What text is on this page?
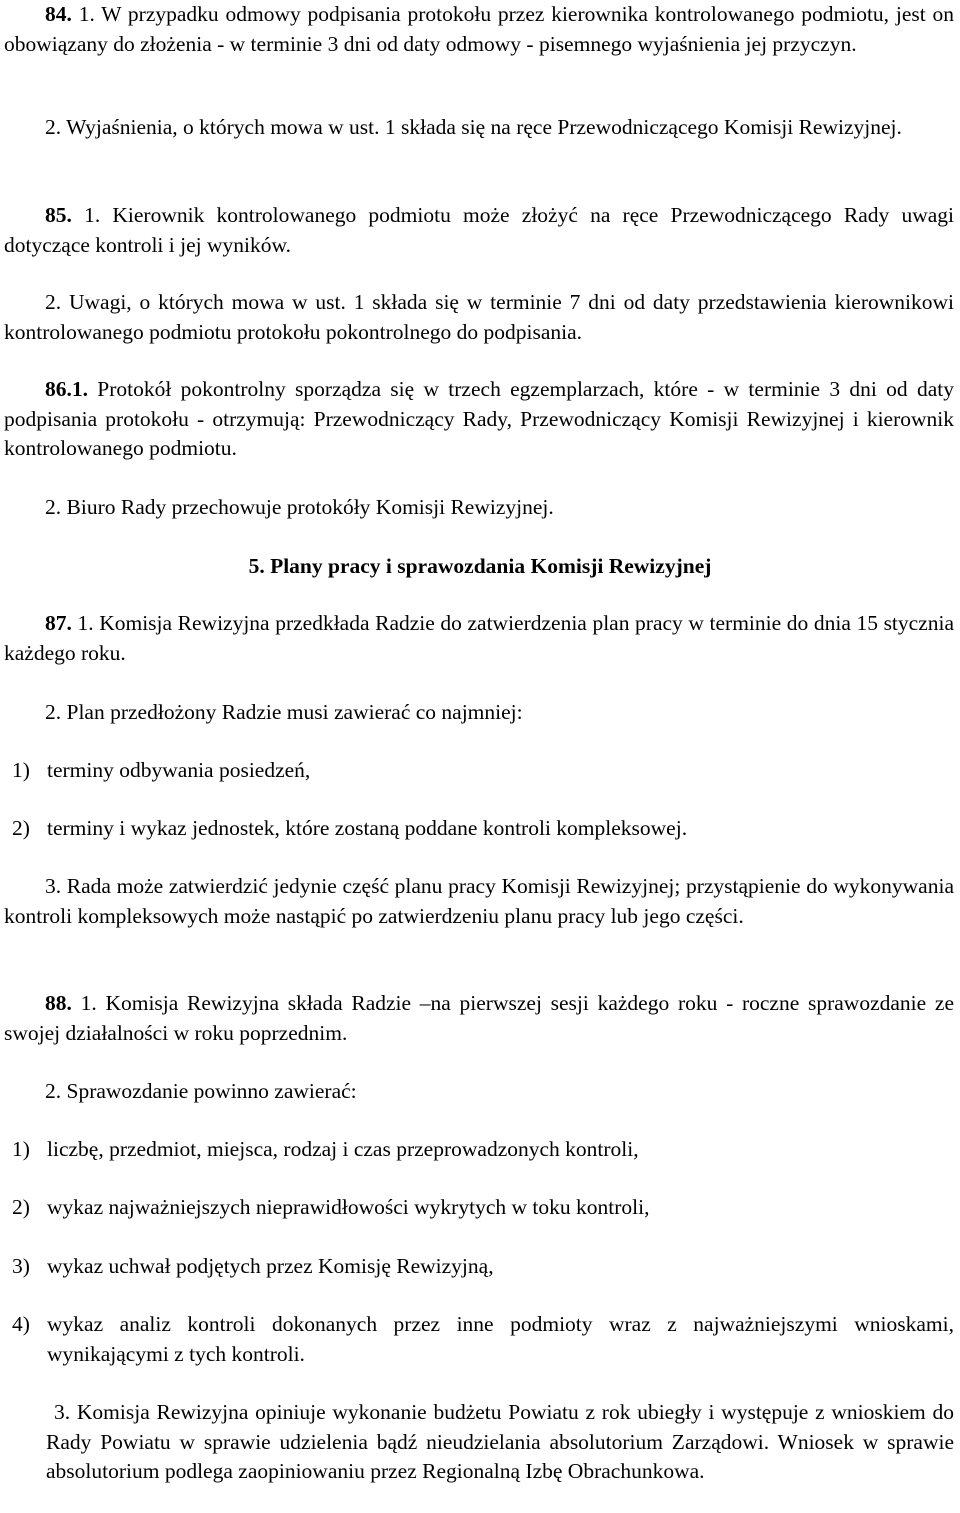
84. 1. W przypadku odmowy podpisania protokołu przez kierownika kontrolowanego podmiotu, jest on obowiązany do złożenia - w terminie 3 dni od daty odmowy - pisemnego wyjaśnienia jej przyczyn.

2. Wyjaśnienia, o których mowa w ust. 1 składa się na ręce Przewodniczącego Komisji Rewizyjnej.

85. 1. Kierownik kontrolowanego podmiotu może złożyć na ręce Przewodniczącego Rady uwagi dotyczące kontroli i jej wyników.

2. Uwagi, o których mowa w ust. 1 składa się w terminie 7 dni od daty przedstawienia kierownikowi kontrolowanego podmiotu protokołu pokontrolnego do podpisania.

86.1. Protokół pokontrolny sporządza się w trzech egzemplarzach, które - w terminie 3 dni od daty podpisania protokołu - otrzymują: Przewodniczący Rady, Przewodniczący Komisji Rewizyjnej i kierownik kontrolowanego podmiotu.

2. Biuro Rady przechowuje protokóły Komisji Rewizyjnej.

5. Plany pracy i sprawozdania Komisji Rewizyjnej

87. 1. Komisja Rewizyjna przedkłada Radzie do zatwierdzenia plan pracy w terminie do dnia 15 stycznia każdego roku.

2. Plan przedłożony Radzie musi zawierać co najmniej:

1) terminy odbywania posiedzeń,
2) terminy i wykaz jednostek, które zostaną poddane kontroli kompleksowej.

3. Rada może zatwierdzić jedynie część planu pracy Komisji Rewizyjnej; przystąpienie do wykonywania kontroli kompleksowych może nastąpić po zatwierdzeniu planu pracy lub jego części.

88. 1. Komisja Rewizyjna składa Radzie –na pierwszej sesji każdego roku - roczne sprawozdanie ze swojej działalności w roku poprzednim.

2. Sprawozdanie powinno zawierać:

1) liczbę, przedmiot, miejsca, rodzaj i czas przeprowadzonych kontroli,
2) wykaz najważniejszych nieprawidłowości wykrytych w toku kontroli,
3) wykaz uchwał podjętych przez Komisję Rewizyjną,
4) wykaz analiz kontroli dokonanych przez inne podmioty wraz z najważniejszymi wnioskami, wynikającymi z tych kontroli.

3. Komisja Rewizyjna opiniuje wykonanie budżetu Powiatu z rok ubiegły i występuje z wnioskiem do Rady Powiatu w sprawie udzielenia bądź nieudzielania absolutorium Zarządowi. Wniosek w sprawie absolutorium podlega zaopiniowaniu przez Regionalną Izbę Obrachunkowa.
